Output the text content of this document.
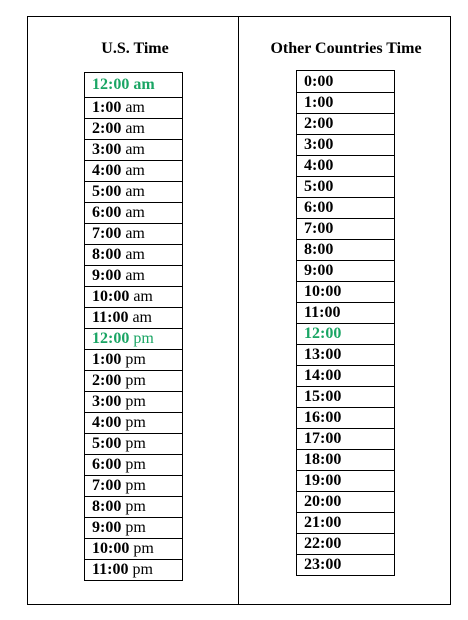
U.S. Time	Other Countries Time
12:00 am
1:00 am
2:00 am
3:00 am
4:00 am
5:00 am
6:00 am
7:00 am
8:00 am
9:00 am
10:00 am
11:00 am
12:00 pm
1:00 pm
2:00 pm
3:00 pm
4:00 pm
5:00 pm
6:00 pm
7:00 pm
8:00 pm
9:00 pm
10:00 pm
11:00 pm
0:00
1:00
2:00
3:00
4:00
5:00
6:00
7:00
8:00
9:00
10:00
11:00
12:00
13:00
14:00
15:00
16:00
17:00
18:00
19:00
20:00
21:00
22:00
23:00
